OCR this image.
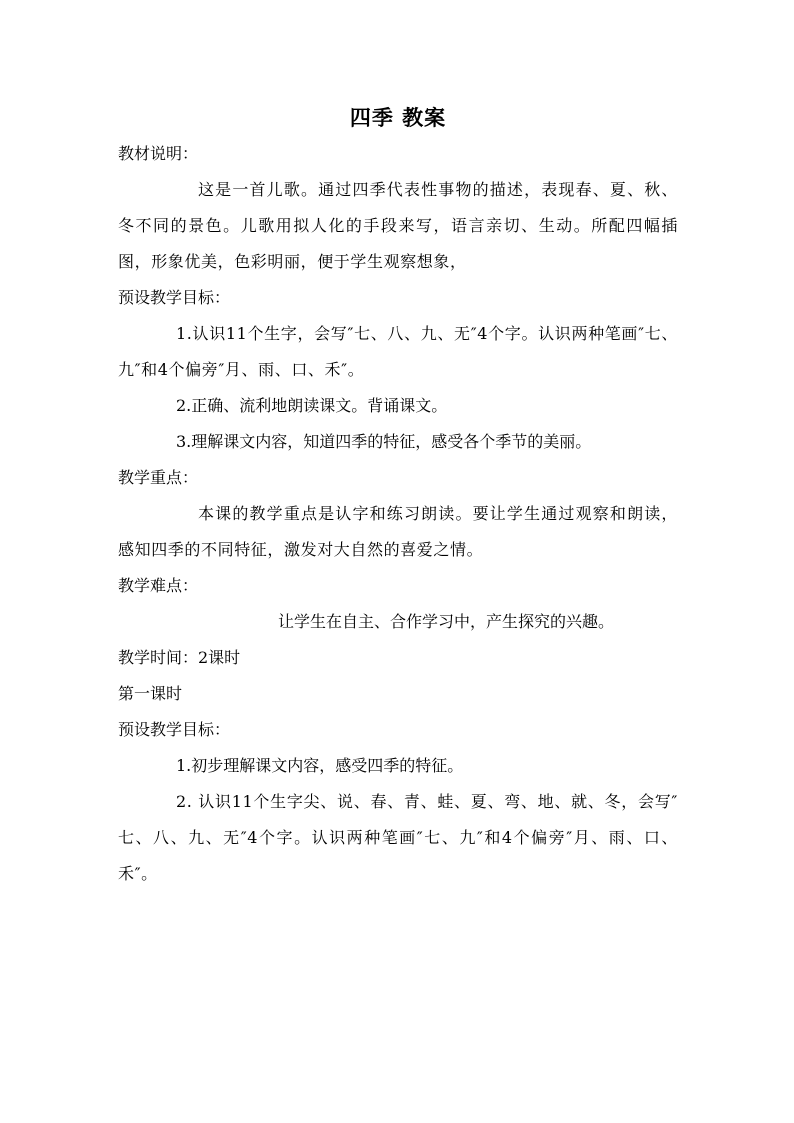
四季 教案
教材说明：
这是一首儿歌。通过四季代表性事物的描述，表现春、夏、秋、冬不同的景色。儿歌用拟人化的手段来写，语言亲切、生动。所配四幅插图，形象优美，色彩明丽，便于学生观察想象，
预设教学目标：
1.认识11个生字，会写″七、八、九、无″4个字。认识两种笔画″七、九″和4个偏旁″月、雨、口、禾″。
2.正确、流利地朗读课文。背诵课文。
3.理解课文内容，知道四季的特征，感受各个季节的美丽。
教学重点：
本课的教学重点是认字和练习朗读。要让学生通过观察和朗读，感知四季的不同特征，激发对大自然的喜爱之情。
教学难点：
让学生在自主、合作学习中，产生探究的兴趣。
教学时间：2课时
第一课时
预设教学目标：
1.初步理解课文内容，感受四季的特征。
2. 认识11个生字尖、说、春、青、蛙、夏、弯、地、就、冬，会写″七、八、九、无″4个字。认识两种笔画″七、九″和4个偏旁″月、雨、口、禾″。
